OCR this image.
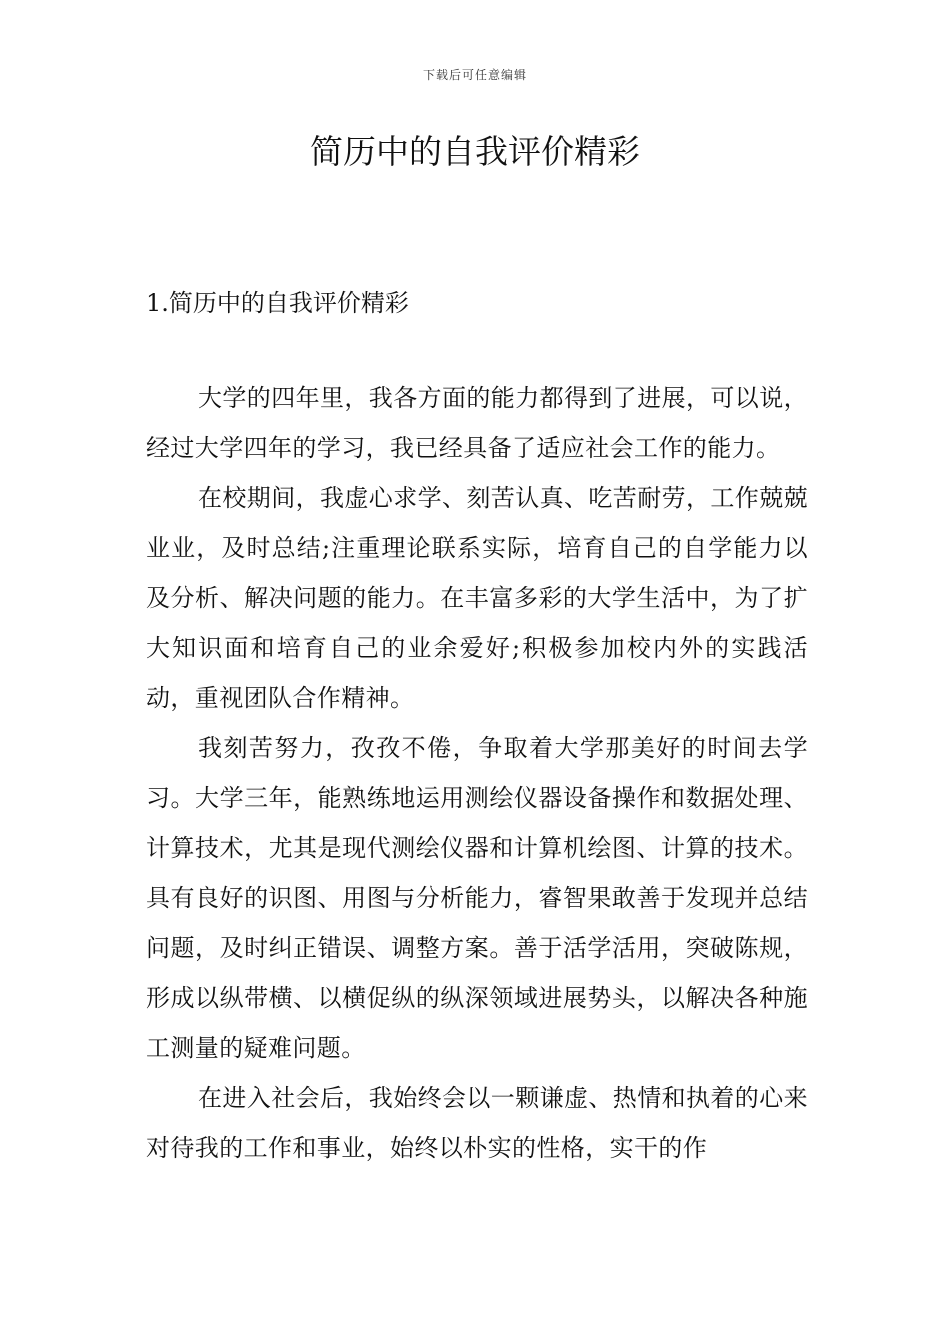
下载后可任意编辑
简历中的自我评价精彩
1.简历中的自我评价精彩

大学的四年里，我各方面的能力都得到了进展，可以说，经过大学四年的学习，我已经具备了适应社会工作的能力。

在校期间，我虚心求学、刻苦认真、吃苦耐劳，工作兢兢业业，及时总结;注重理论联系实际，培育自己的自学能力以及分析、解决问题的能力。在丰富多彩的大学生活中，为了扩大知识面和培育自己的业余爱好;积极参加校内外的实践活动，重视团队合作精神。

我刻苦努力，孜孜不倦，争取着大学那美好的时间去学习。大学三年，能熟练地运用测绘仪器设备操作和数据处理、计算技术，尤其是现代测绘仪器和计算机绘图、计算的技术。具有良好的识图、用图与分析能力，睿智果敢善于发现并总结问题，及时纠正错误、调整方案。善于活学活用，突破陈规，形成以纵带横、以横促纵的纵深领域进展势头，以解决各种施工测量的疑难问题。

在进入社会后，我始终会以一颗谦虚、热情和执着的心来对待我的工作和事业，始终以朴实的性格，实干的作
